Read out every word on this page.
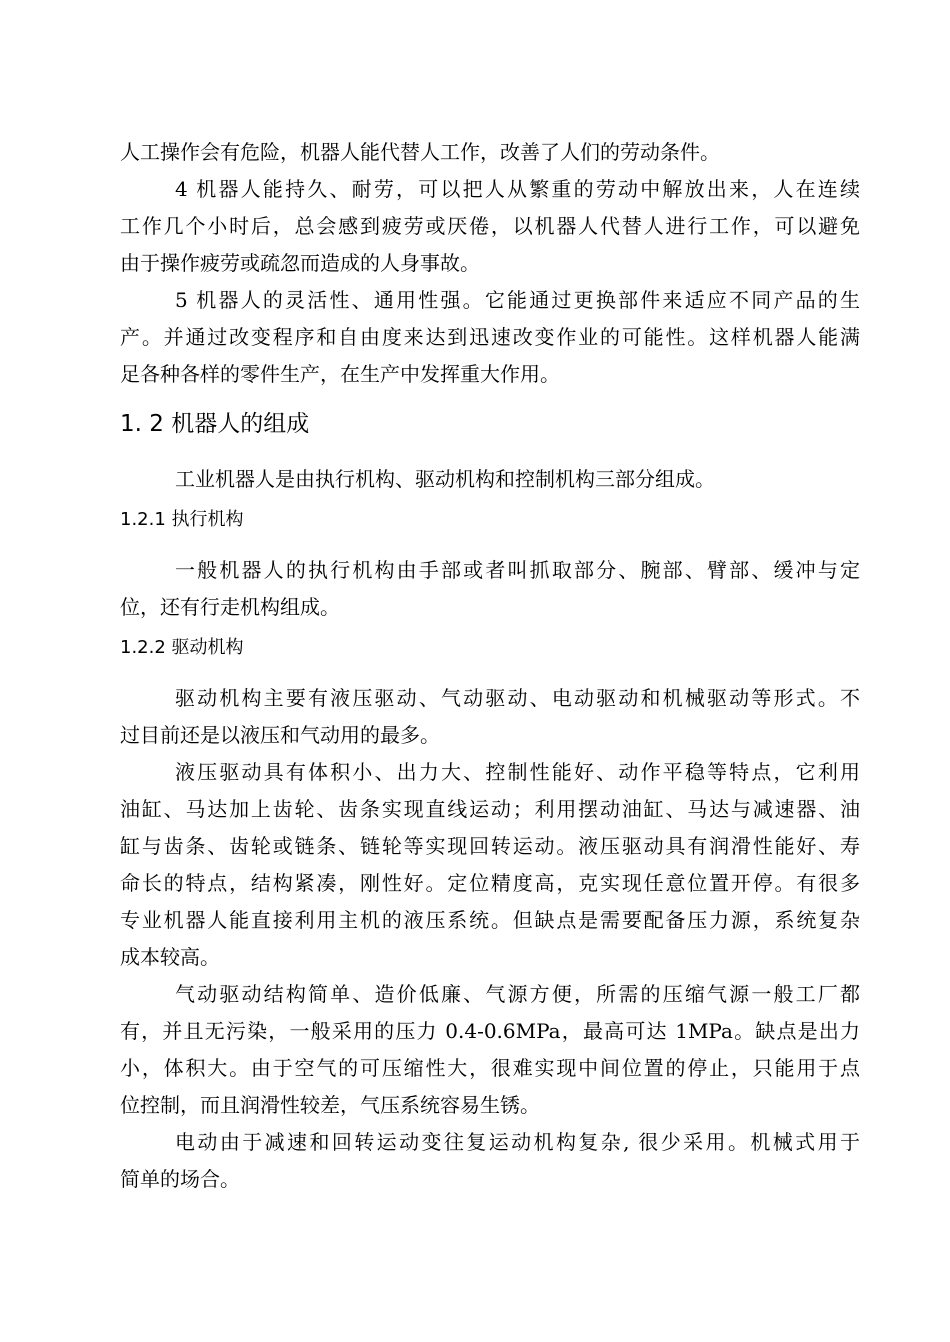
人工操作会有危险，机器人能代替人工作，改善了人们的劳动条件。
4 机器人能持久、耐劳，可以把人从繁重的劳动中解放出来，人在连续
工作几个小时后，总会感到疲劳或厌倦，以机器人代替人进行工作，可以避免
由于操作疲劳或疏忽而造成的人身事故。
5 机器人的灵活性、通用性强。它能通过更换部件来适应不同产品的生
产。并通过改变程序和自由度来达到迅速改变作业的可能性。这样机器人能满
足各种各样的零件生产，在生产中发挥重大作用。
1. 2 机器人的组成
工业机器人是由执行机构、驱动机构和控制机构三部分组成。
1.2.1 执行机构
一般机器人的执行机构由手部或者叫抓取部分、腕部、臂部、缓冲与定
位，还有行走机构组成。
1.2.2 驱动机构
驱动机构主要有液压驱动、气动驱动、电动驱动和机械驱动等形式。不
过目前还是以液压和气动用的最多。
液压驱动具有体积小、出力大、控制性能好、动作平稳等特点，它利用
油缸、马达加上齿轮、齿条实现直线运动；利用摆动油缸、马达与减速器、油
缸与齿条、齿轮或链条、链轮等实现回转运动。液压驱动具有润滑性能好、寿
命长的特点，结构紧凑，刚性好。定位精度高，克实现任意位置开停。有很多
专业机器人能直接利用主机的液压系统。但缺点是需要配备压力源，系统复杂
成本较高。
气动驱动结构简单、造价低廉、气源方便，所需的压缩气源一般工厂都
有，并且无污染，一般采用的压力 0.4-0.6MPa，最高可达 1MPa。缺点是出力
小，体积大。由于空气的可压缩性大，很难实现中间位置的停止，只能用于点
位控制，而且润滑性较差，气压系统容易生锈。
电动由于减速和回转运动变往复运动机构复杂, 很少采用。机械式用于
简单的场合。
